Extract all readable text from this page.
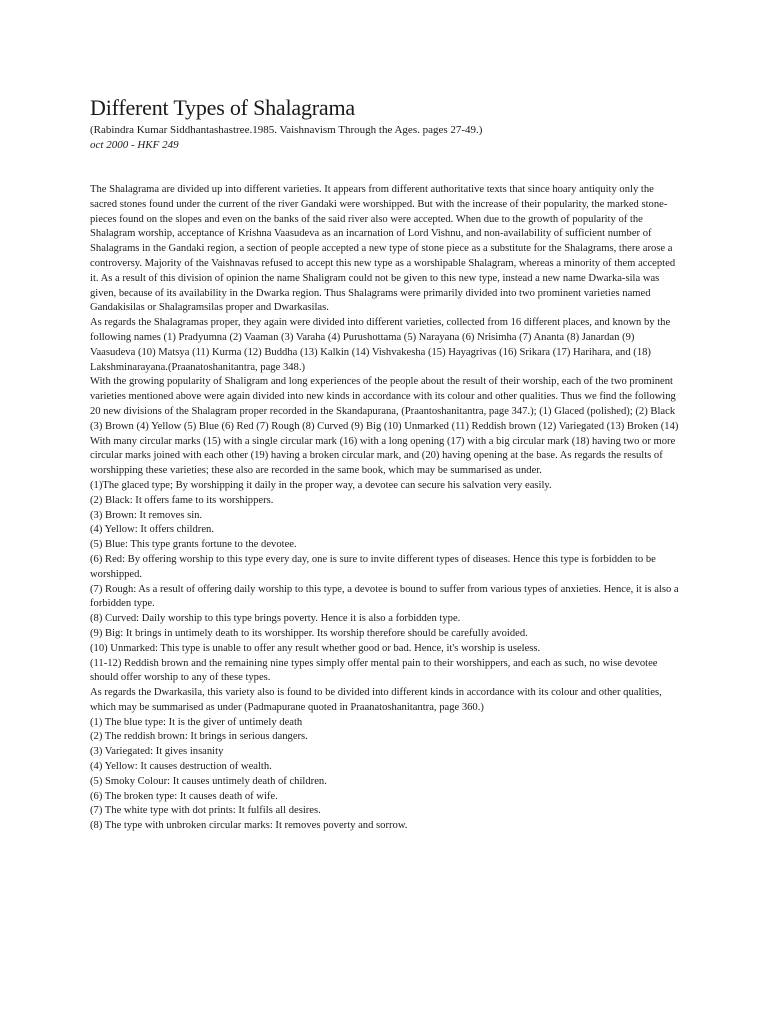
Different Types of Shalagrama
(Rabindra Kumar Siddhantashastree.1985. Vaishnavism Through the Ages. pages 27-49.)
oct 2000 - HKF 249

The Shalagrama are divided up into different varieties. It appears from different authoritative texts that since hoary antiquity only the sacred stones found under the current of the river Gandaki were worshipped. But with the increase of their popularity, the marked stone-pieces found on the slopes and even on the banks of the said river also were accepted. When due to the growth of popularity of the Shalagram worship, acceptance of Krishna Vaasudeva as an incarnation of Lord Vishnu, and non-availability of sufficient number of Shalagrams in the Gandaki region, a section of people accepted a new type of stone piece as a substitute for the Shalagrams, there arose a controversy. Majority of the Vaishnavas refused to accept this new type as a worshipable Shalagram, whereas a minority of them accepted it. As a result of this division of opinion the name Shaligram could not be given to this new type, instead a new name Dwarka-sila was given, because of its availability in the Dwarka region. Thus Shalagrams were primarily divided into two prominent varieties named Gandakisilas or Shalagramsilas proper and Dwarkasilas.

As regards the Shalagramas proper, they again were divided into different varieties, collected from 16 different places, and known by the following names (1) Pradyumna (2) Vaaman (3) Varaha (4) Purushottama (5) Narayana (6) Nrisimha (7) Ananta (8) Janardan (9) Vaasudeva (10) Matsya (11) Kurma (12) Buddha (13) Kalkin (14) Vishvakesha (15) Hayagrivas (16) Srikara (17) Harihara, and (18) Lakshminarayana.(Praanatoshanitantra, page 348.)

With the growing popularity of Shaligram and long experiences of the people about the result of their worship, each of the two prominent varieties mentioned above were again divided into new kinds in accordance with its colour and other qualities. Thus we find the following 20 new divisions of the Shalagram proper recorded in the Skandapurana, (Praantoshanitantra, page 347.); (1) Glaced (polished); (2) Black (3) Brown (4) Yellow (5) Blue (6) Red (7) Rough (8) Curved (9) Big (10) Unmarked (11) Reddish brown (12) Variegated (13) Broken (14) With many circular marks (15) with a single circular mark (16) with a long opening (17) with a big circular mark (18) having two or more circular marks joined with each other (19) having a broken circular mark, and (20) having opening at the base. As regards the results of worshipping these varieties; these also are recorded in the same book, which may be summarised as under.

(1)The glaced type; By worshipping it daily in the proper way, a devotee can secure his salvation very easily.

(2) Black: It offers fame to its worshippers.

(3) Brown: It removes sin.

(4) Yellow: It offers children.

(5) Blue: This type grants fortune to the devotee.

(6) Red: By offering worship to this type every day, one is sure to invite different types of diseases. Hence this type is forbidden to be worshipped.

(7) Rough: As a result of offering daily worship to this type, a devotee is bound to suffer from various types of anxieties. Hence, it is also a forbidden type.

(8) Curved: Daily worship to this type brings poverty. Hence it is also a forbidden type.

(9) Big: It brings in untimely death to its worshipper. Its worship therefore should be carefully avoided.

(10) Unmarked: This type is unable to offer any result whether good or bad. Hence, it's worship is useless.

(11-12) Reddish brown and the remaining nine types simply offer mental pain to their worshippers, and each as such, no wise devotee should offer worship to any of these types.

As regards the Dwarkasila, this variety also is found to be divided into different kinds in accordance with its colour and other qualities, which may be summarised as under (Padmapurane quoted in Praanatoshanitantra, page 360.)

(1) The blue type: It is the giver of untimely death

(2) The reddish brown: It brings in serious dangers.

(3) Variegated: It gives insanity

(4) Yellow: It causes destruction of wealth.

(5) Smoky Colour: It causes untimely death of children.

(6) The broken type: It causes death of wife.

(7) The white type with dot prints: It fulfils all desires.

(8) The type with unbroken circular marks: It removes poverty and sorrow.
